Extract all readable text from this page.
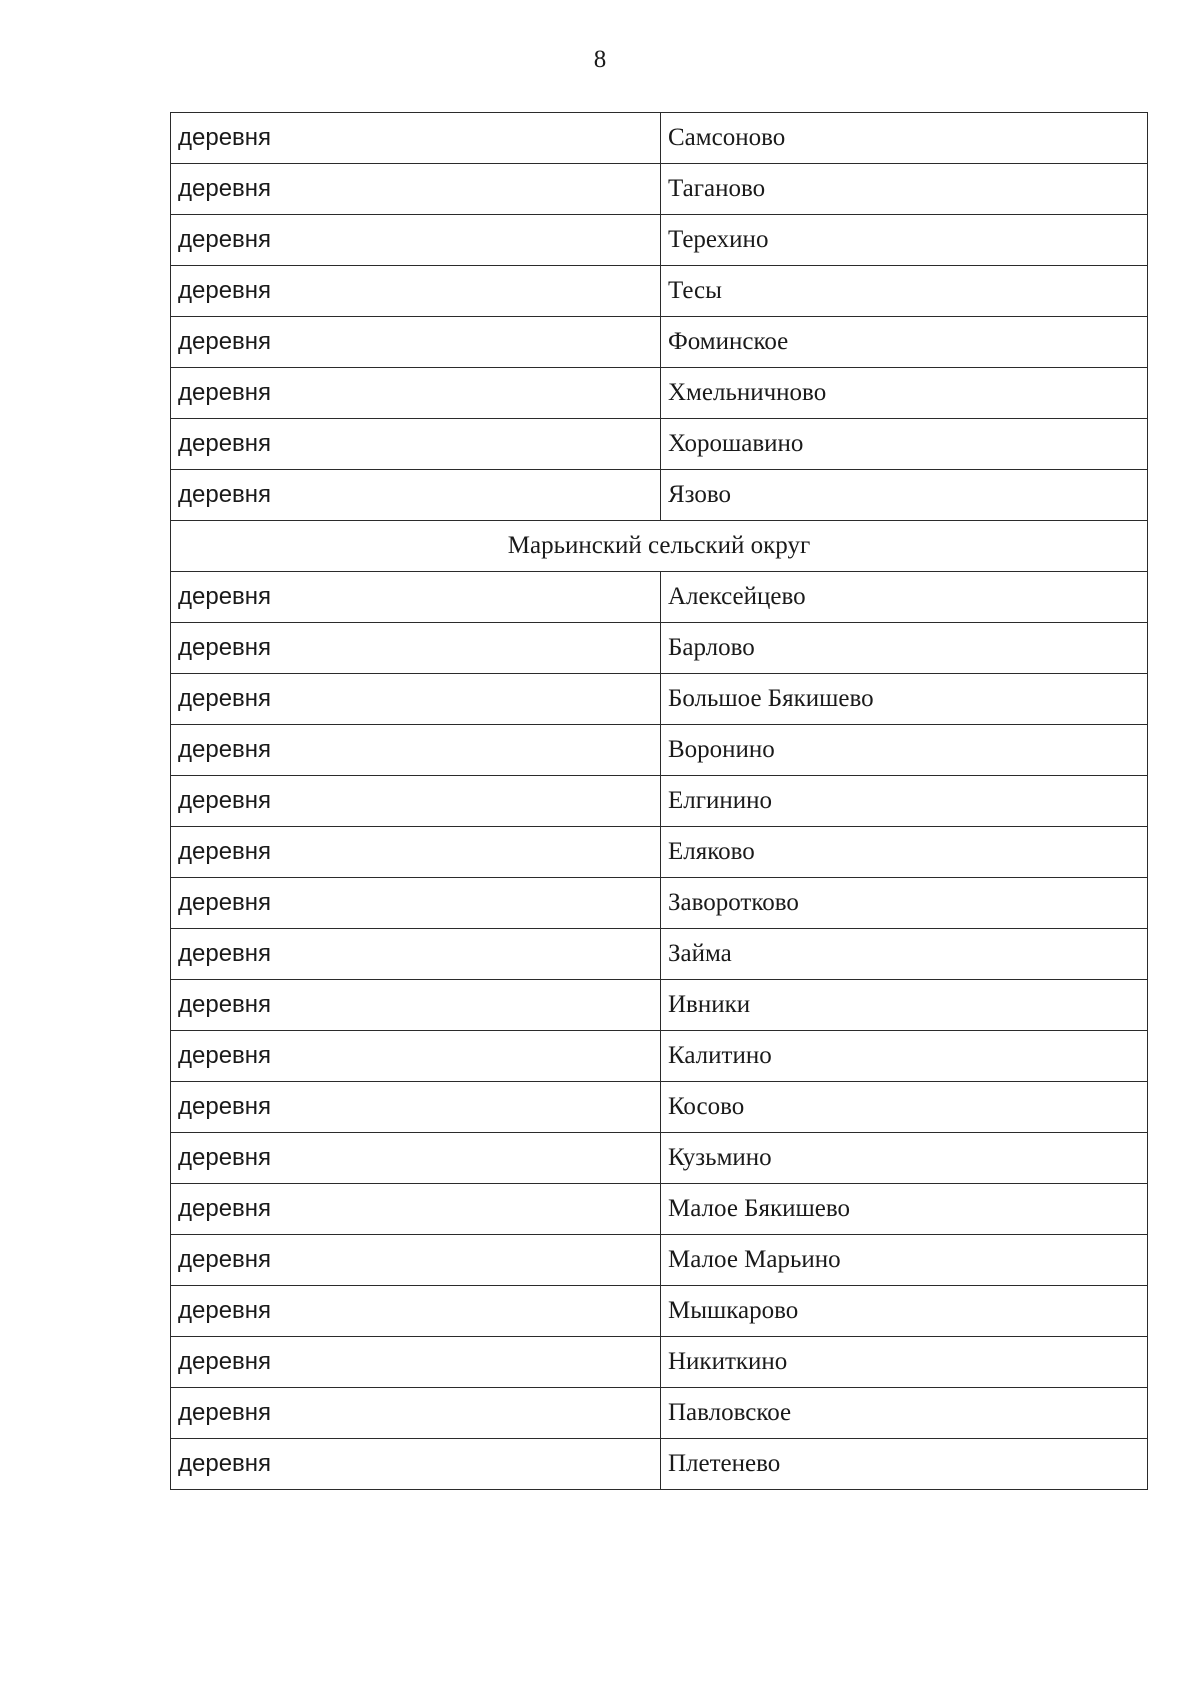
8
деревня	Самсоново
деревня	Таганово
деревня	Терехино
деревня	Тесы
деревня	Фоминское
деревня	Хмельничново
деревня	Хорошавино
деревня	Язово
Марьинский сельский округ	
деревня	Алексейцево
деревня	Барлово
деревня	Большое Бякишево
деревня	Воронино
деревня	Елгинино
деревня	Еляково
деревня	Заворотково
деревня	Займа
деревня	Ивники
деревня	Калитино
деревня	Косово
деревня	Кузьмино
деревня	Малое Бякишево
деревня	Малое Марьино
деревня	Мышкарово
деревня	Никиткино
деревня	Павловское
деревня	Плетенево
